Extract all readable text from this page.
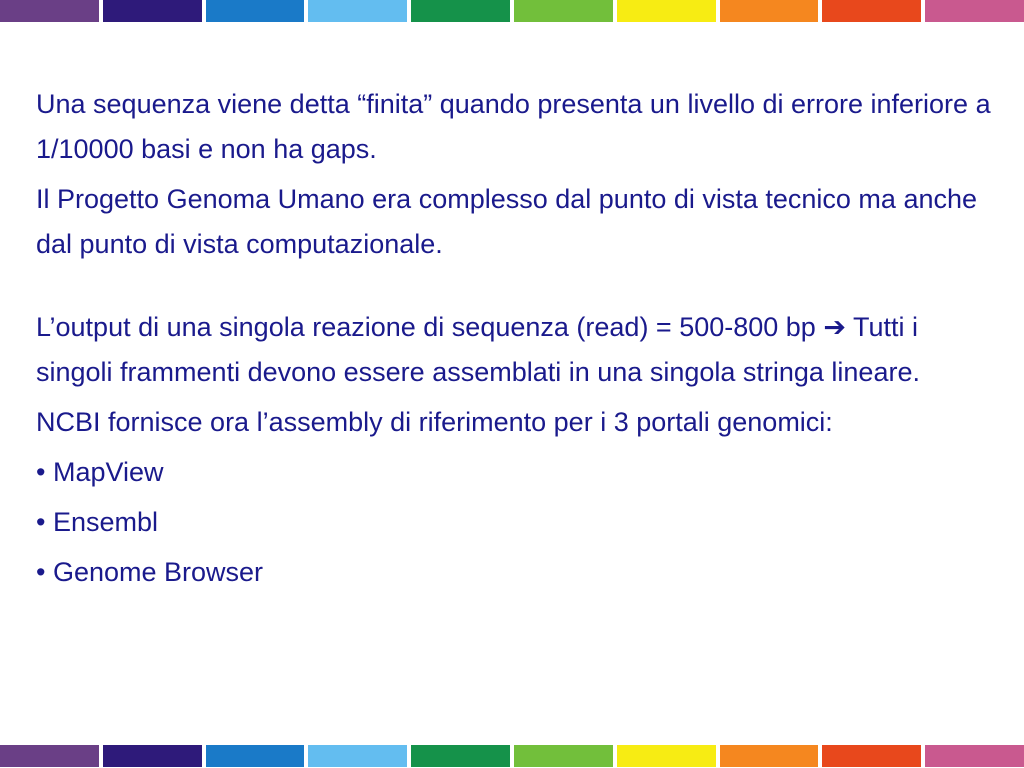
Una sequenza viene detta “finita” quando presenta un livello di errore inferiore a 1/10000 basi e non ha gaps.

Il Progetto Genoma Umano era complesso dal punto di vista tecnico ma anche dal punto di vista computazionale.

L’output di una singola reazione di sequenza (read) = 500-800 bp ➔ Tutti i singoli frammenti devono essere assemblati in una singola stringa lineare.

NCBI fornisce ora l’assembly di riferimento per i 3 portali genomici:

• MapView

• Ensembl

• Genome Browser
